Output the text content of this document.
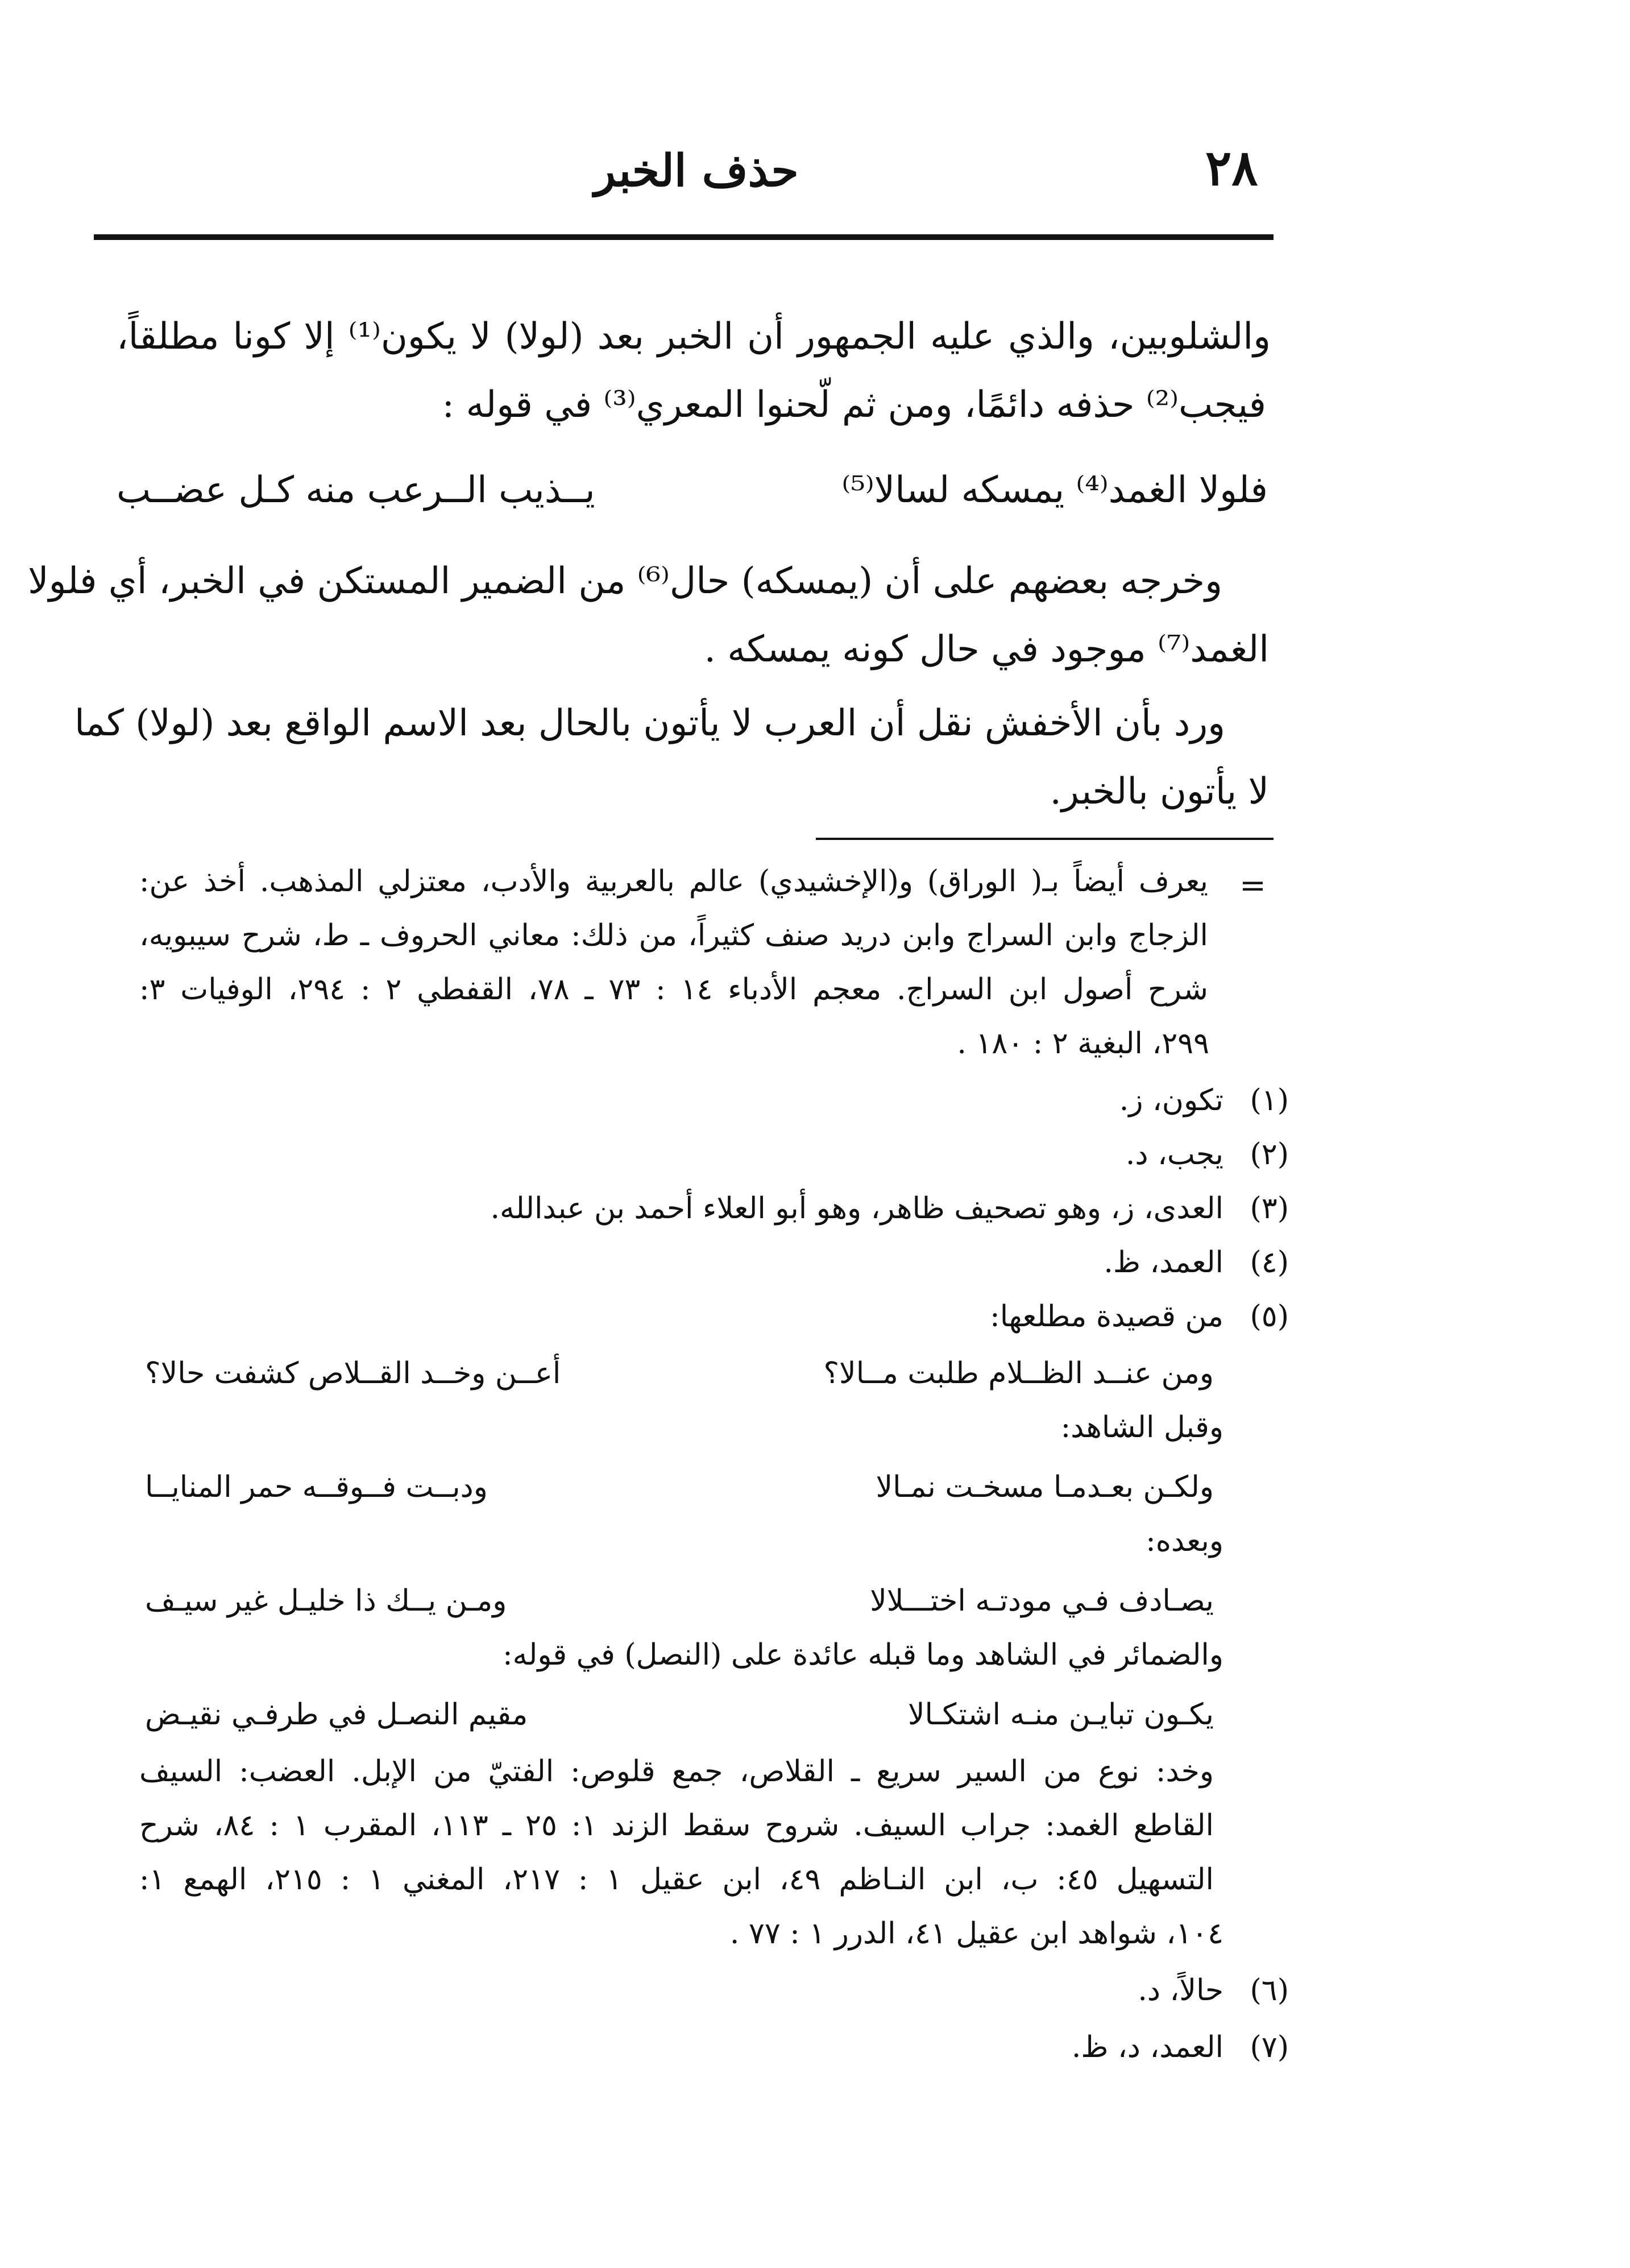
٢٨
حذف الخبر
والشلوبين، والذي عليه الجمهور أن الخبر بعد (لولا) لا يكون⁽¹⁾ إلا كونا مطلقاً،
فيجب⁽²⁾ حذفه دائمًا، ومن ثم لّحنوا المعري⁽³⁾ في قوله :
يــذيب الــرعب منه كـل عضــب	فلولا الغمد⁽⁴⁾ يمسكه لسالا⁽⁵⁾
وخرجه بعضهم على أن (يمسكه) حال⁽⁶⁾ من الضمير المستكن في الخبر، أي فلولا
الغمد⁽⁷⁾ موجود في حال كونه يمسكه .
ورد بأن الأخفش نقل أن العرب لا يأتون بالحال بعد الاسم الواقع بعد (لولا) كما
لا يأتون بالخبر.
=
يعرف أيضاً بـ( الوراق) و(الإخشيدي) عالم بالعربية والأدب، معتزلي المذهب. أخذ عن:
الزجاج وابن السراج وابن دريد صنف كثيراً، من ذلك: معاني الحروف ـ ط، شرح سيبويه،
شرح أصول ابن السراج. معجم الأدباء ١٤ : ٧٣ ـ ٧٨، القفطي ٢ : ٢٩٤، الوفيات ٣:
٢٩٩، البغية ٢ : ١٨٠ .
(١)
تكون، ز.
(٢)
يجب، د.
(٣)
العدى، ز، وهو تصحيف ظاهر، وهو أبو العلاء أحمد بن عبدالله.
(٤)
العمد، ظ.
(٥)
من قصيدة مطلعها:
أعــن وخــد القــلاص كشفت حالا؟	ومن عنــد الظــلام طلبت مــالا؟
وقبل الشاهد:
ودبــت فــوقــه حمر المنايــا	ولكـن بعـدمـا مسخـت نمـالا
وبعده:
ومـن يــك ذا خليـل غير سيـف	يصـادف فـي مودتـه اختـــلالا
والضمائر في الشاهد وما قبله عائدة على (النصل) في قوله:
مقيم النصـل في طرفـي نقيـض	يكـون تبايـن منـه اشتكـالا
وخد: نوع من السير سريع ـ القلاص، جمع قلوص: الفتيّ من الإبل. العضب: السيف
القاطع الغمد: جراب السيف. شروح سقط الزند ١: ٢٥ ـ ١١٣، المقرب ١ : ٨٤، شرح
التسهيل ٤٥: ب، ابن النـاظم ٤٩، ابن عقيل ١ : ٢١٧، المغني ١ : ٢١٥، الهمع ١:
١٠٤، شواهد ابن عقيل ٤١، الدرر ١ : ٧٧ .
(٦)
حالاً، د.
(٧)
العمد، د، ظ.
